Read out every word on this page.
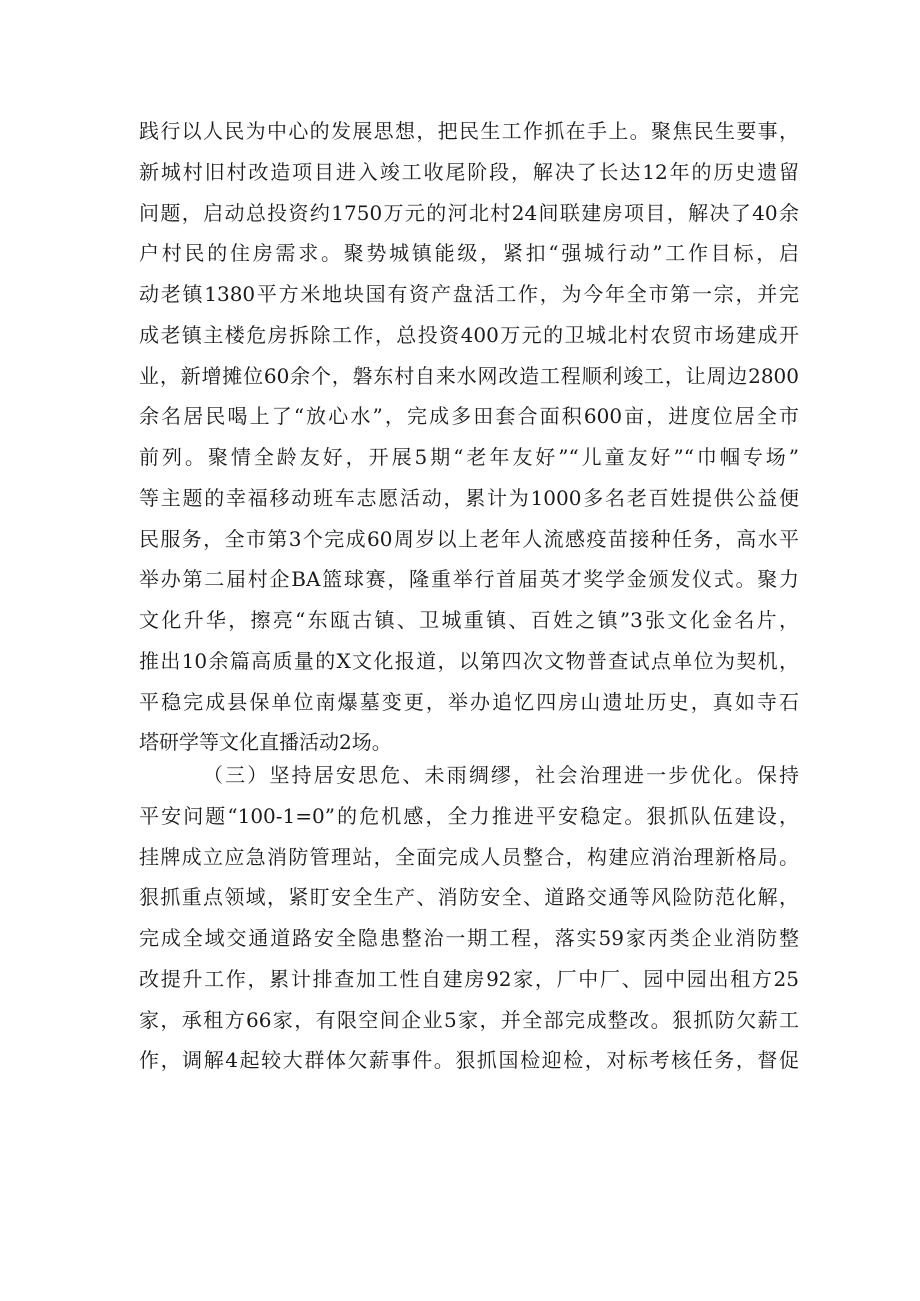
践行以人民为中心的发展思想，把民生工作抓在手上。聚焦民生要事，
新城村旧村改造项目进入竣工收尾阶段，解决了长达12年的历史遗留
问题，启动总投资约1750万元的河北村24间联建房项目，解决了40余
户村民的住房需求。聚势城镇能级，紧扣“强城行动”工作目标，启
动老镇1380平方米地块国有资产盘活工作，为今年全市第一宗，并完
成老镇主楼危房拆除工作，总投资400万元的卫城北村农贸市场建成开
业，新增摊位60余个，磐东村自来水网改造工程顺利竣工，让周边2800
余名居民喝上了“放心水”，完成多田套合面积600亩，进度位居全市
前列。聚情全龄友好，开展5期“老年友好”“儿童友好”“巾帼专场”
等主题的幸福移动班车志愿活动，累计为1000多名老百姓提供公益便
民服务，全市第3个完成60周岁以上老年人流感疫苗接种任务，高水平
举办第二届村企BA篮球赛，隆重举行首届英才奖学金颁发仪式。聚力
文化升华，擦亮“东瓯古镇、卫城重镇、百姓之镇”3张文化金名片，
推出10余篇高质量的X文化报道，以第四次文物普查试点单位为契机，
平稳完成县保单位南爆墓变更，举办追忆四房山遗址历史，真如寺石
塔研学等文化直播活动2场。
（三）坚持居安思危、未雨绸缪，社会治理进一步优化。保持
平安问题“100-1=0”的危机感，全力推进平安稳定。狠抓队伍建设，
挂牌成立应急消防管理站，全面完成人员整合，构建应消治理新格局。
狠抓重点领域，紧盯安全生产、消防安全、道路交通等风险防范化解，
完成全域交通道路安全隐患整治一期工程，落实59家丙类企业消防整
改提升工作，累计排查加工性自建房92家，厂中厂、园中园出租方25
家，承租方66家，有限空间企业5家，并全部完成整改。狠抓防欠薪工
作，调解4起较大群体欠薪事件。狠抓国检迎检，对标考核任务，督促
